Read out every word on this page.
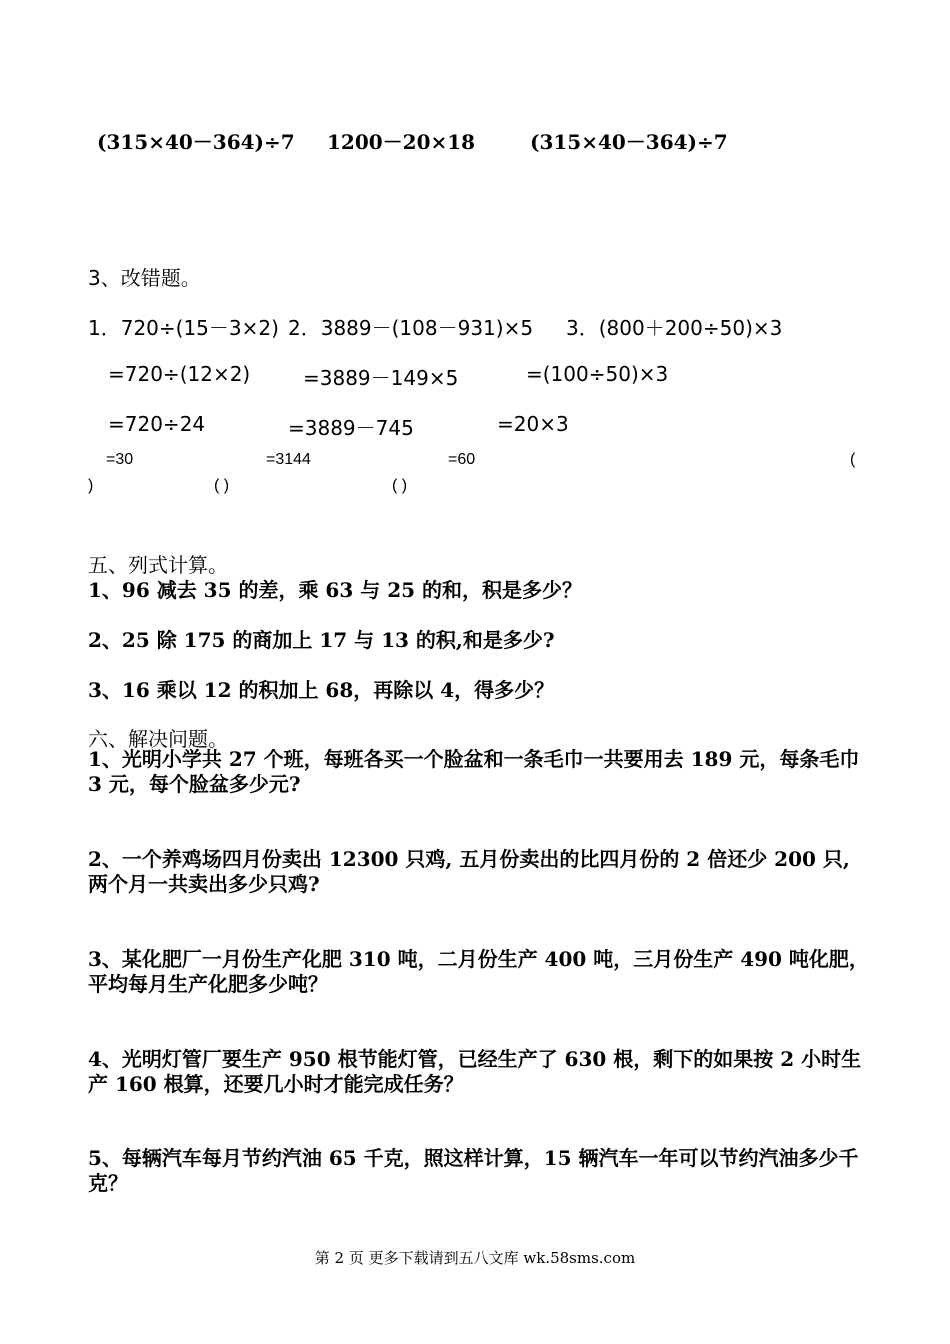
(315×40－364)÷7 1200－20×18	(315×40－364)÷7
3、改错题。
1．720÷(15－3×2) 2．3889－(108－931)×5 3．(800＋200÷50)×3
=720÷(12×2)	=3889－149×5	=(100÷50)×3
=720÷24	=3889－745	=20×3
=30	=3144	=60	(
)	( )	( )
五、列式计算。
1、96 减去 35 的差，乘 63 与 25 的和，积是多少？
2、25 除 175 的商加上 17 与 13 的积,和是多少?
3、16 乘以 12 的积加上 68，再除以 4，得多少？
六、解决问题。
1、光明小学共 27 个班，每班各买一个脸盆和一条毛巾一共要用去 189 元，每条毛巾 3 元，每个脸盆多少元?
2、一个养鸡场四月份卖出 12300 只鸡, 五月份卖出的比四月份的 2 倍还少 200 只, 两个月一共卖出多少只鸡?
3、某化肥厂一月份生产化肥 310 吨，二月份生产 400 吨，三月份生产 490 吨化肥，平均每月生产化肥多少吨？
4、光明灯管厂要生产 950 根节能灯管，已经生产了 630 根，剩下的如果按 2 小时生产 160 根算，还要几小时才能完成任务？
5、每辆汽车每月节约汽油 65 千克，照这样计算，15 辆汽车一年可以节约汽油多少千克？
第 2 页 更多下载请到五八文库 wk.58sms.com
